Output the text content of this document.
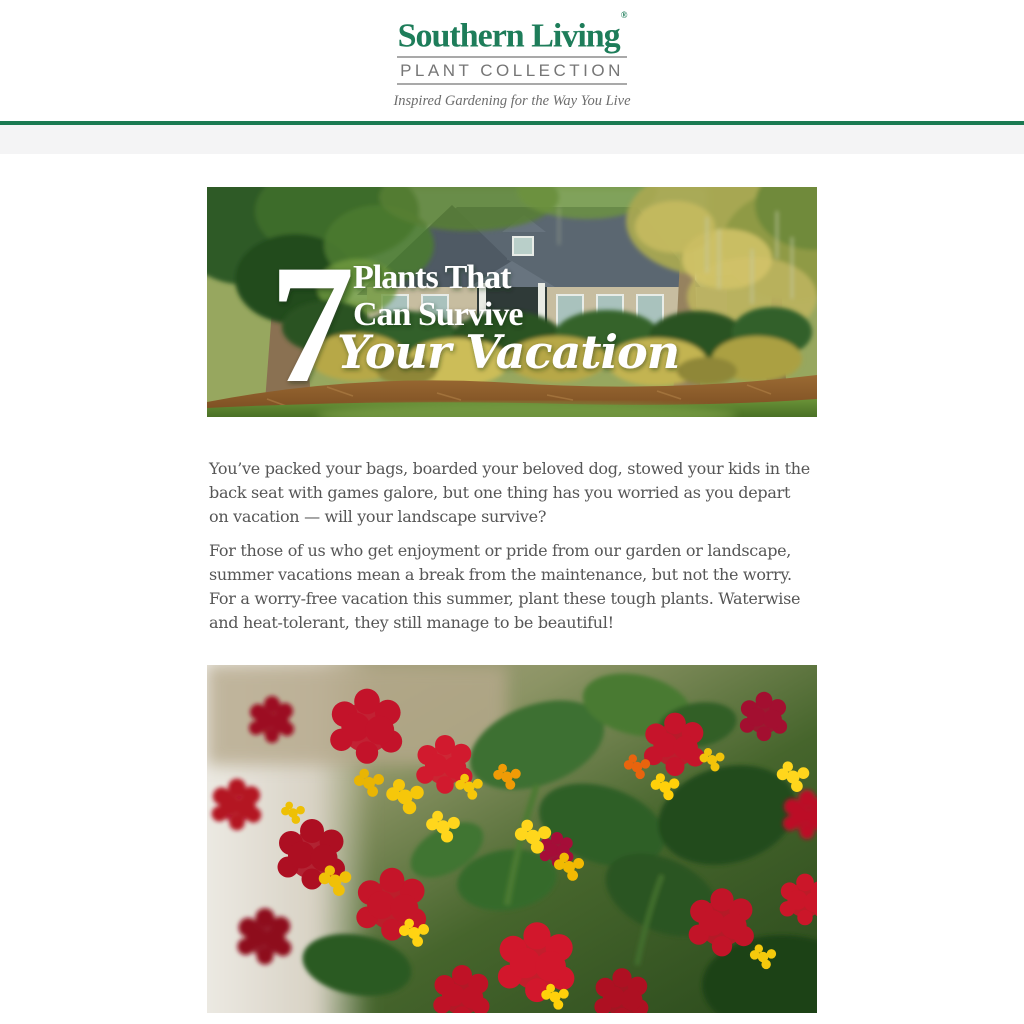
Southern Living®
PLANT COLLECTION
Inspired Gardening for the Way You Live
7
Plants That
Can Survive
Your Vacation

You’ve packed your bags, boarded your beloved dog, stowed your kids in the back seat with games galore, but one thing has you worried as you depart on vacation — will your landscape survive?

For those of us who get enjoyment or pride from our garden or landscape, summer vacations mean a break from the maintenance, but not the worry. For a worry-free vacation this summer, plant these tough plants. Waterwise and heat-tolerant, they still manage to be beautiful!
